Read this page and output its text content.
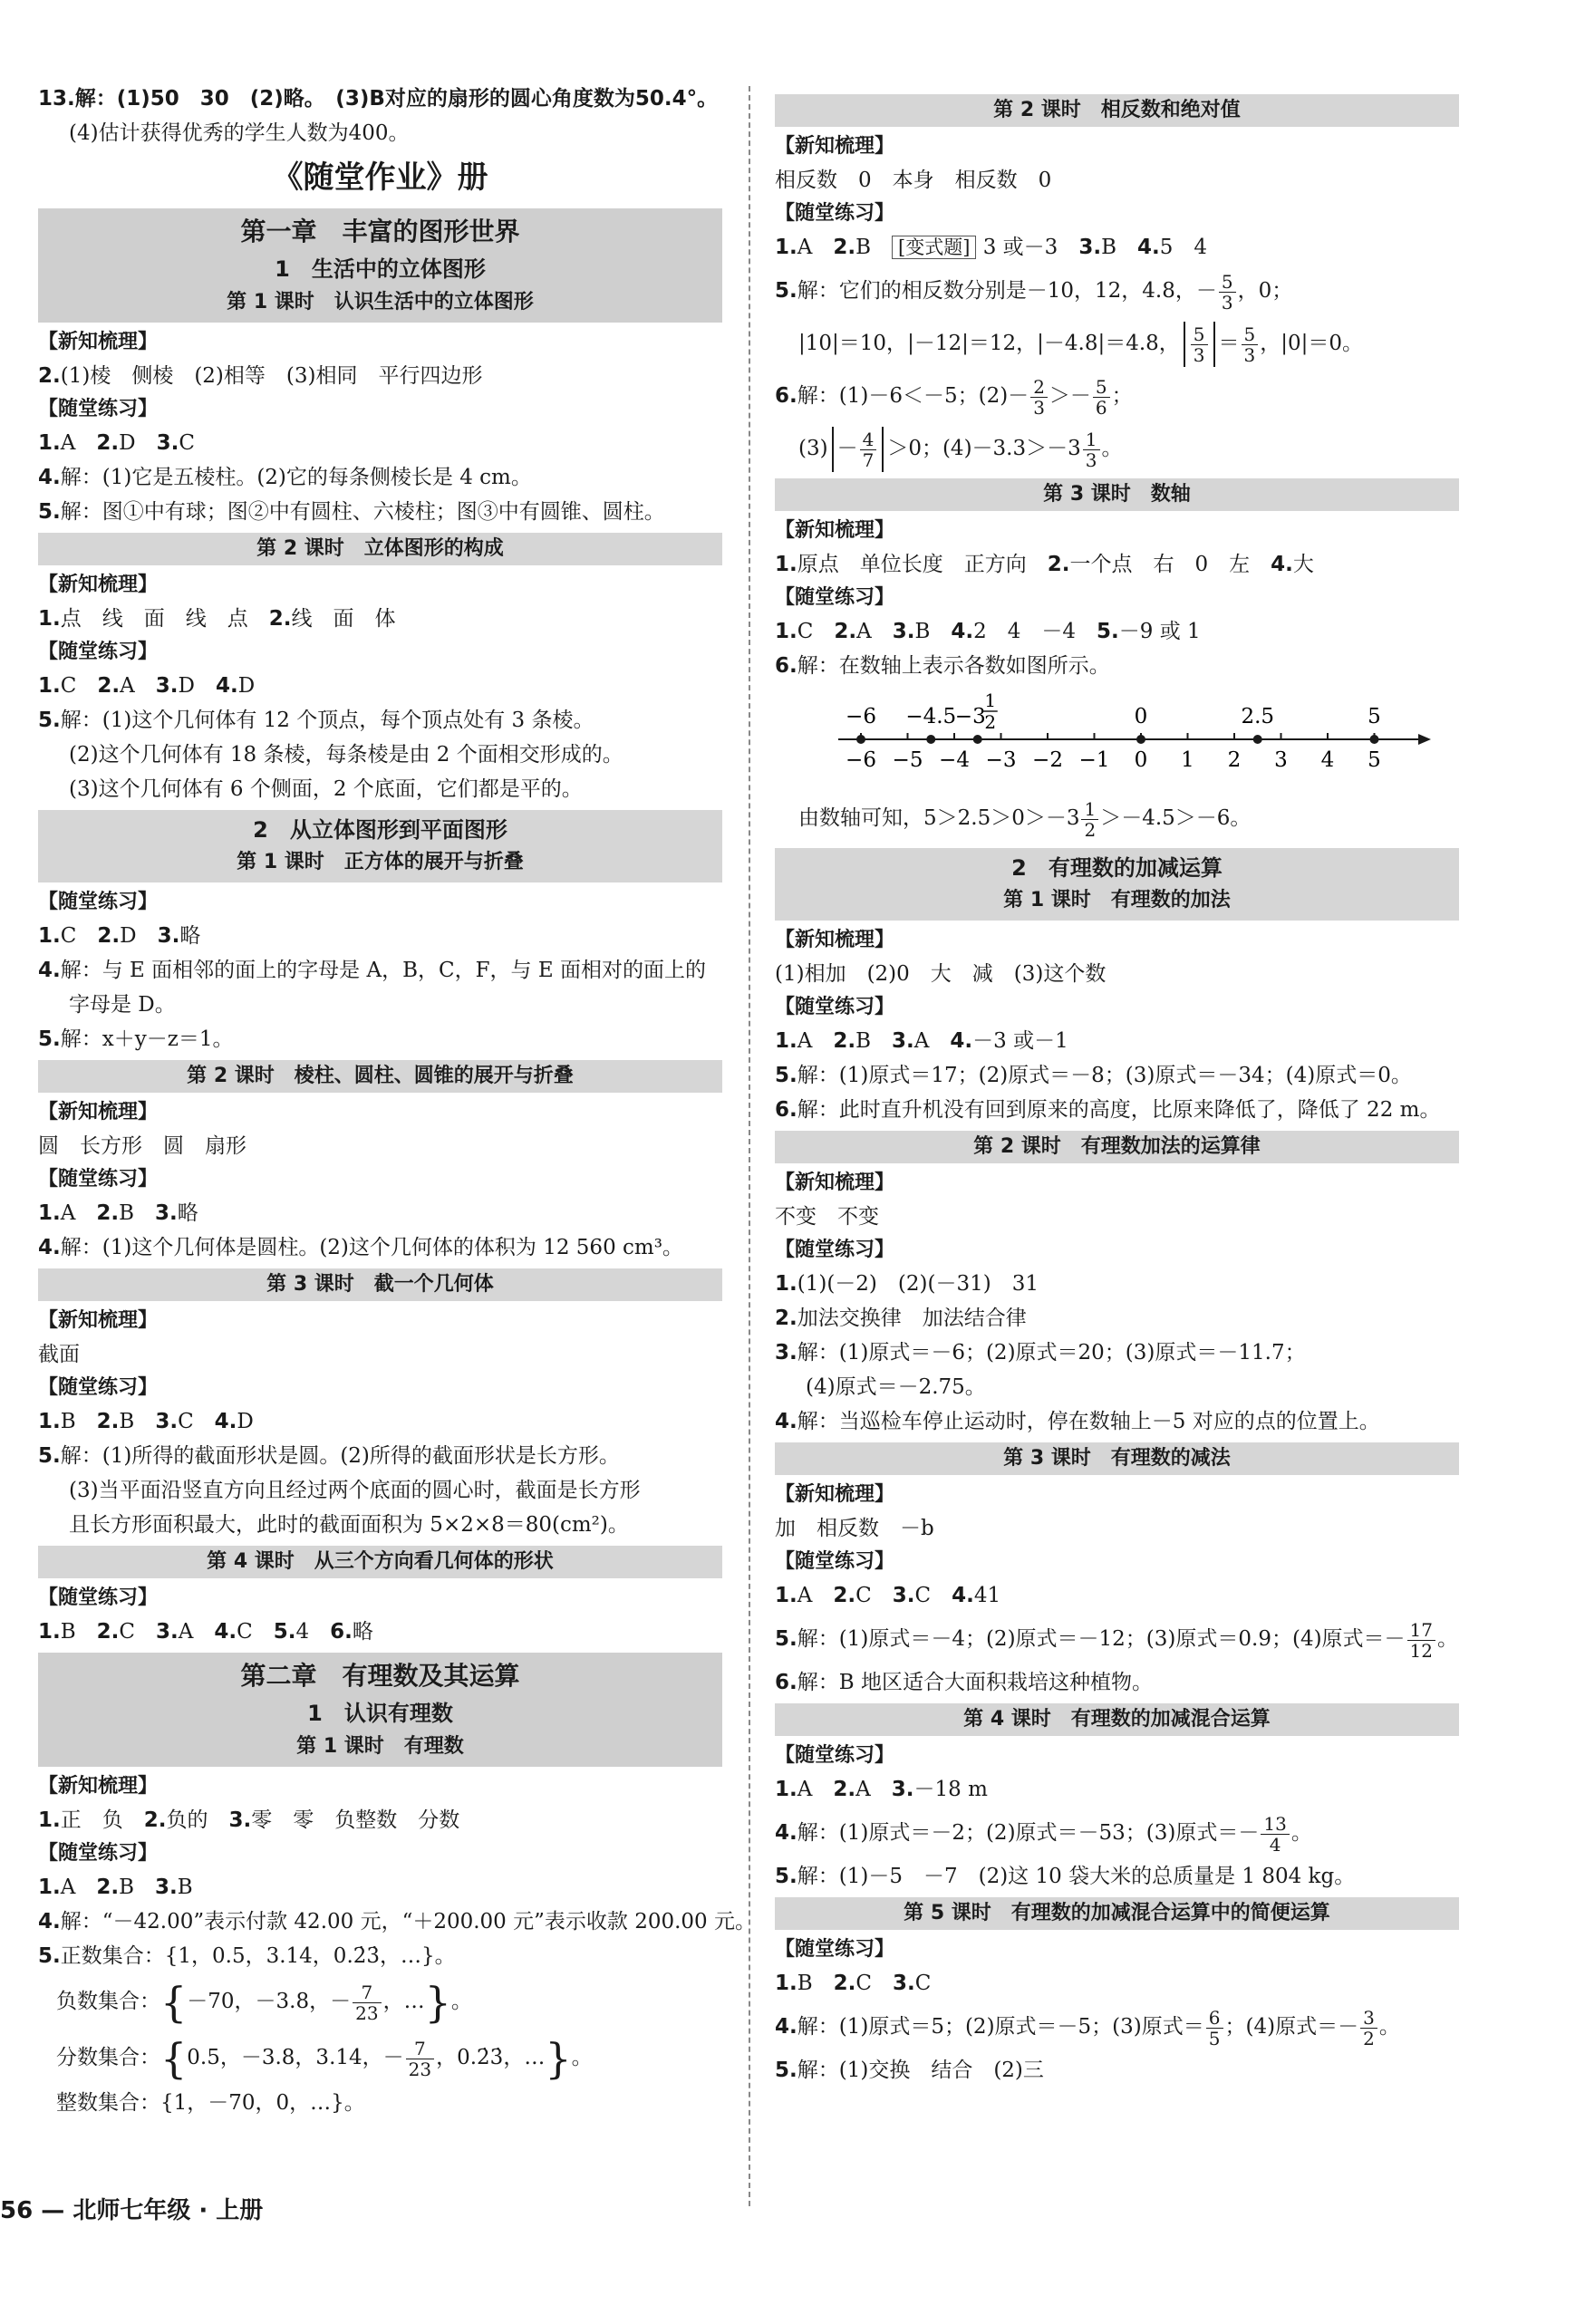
13.解：(1)50　30　(2)略。　(3)B对应的扇形的圆心角度数为50.4°。
(4)估计获得优秀的学生人数为400。
《随堂作业》册
第一章　丰富的图形世界
1　生活中的立体图形
第 1 课时　认识生活中的立体图形
【新知梳理】
2.(1)棱　侧棱　(2)相等　(3)相同　平行四边形
【随堂练习】
1.A　 2.D　 3.C
4.解：(1)它是五棱柱。(2)它的每条侧棱长是 4 cm。
5.解：图①中有球；图②中有圆柱、六棱柱；图③中有圆锥、圆柱。
第 2 课时　立体图形的构成
【新知梳理】
1.点　线　面　线　点　2.线　面　体
【随堂练习】
1.C　 2.A　 3.D　 4.D
5.解：(1)这个几何体有 12 个顶点，每个顶点处有 3 条棱。
(2)这个几何体有 18 条棱，每条棱是由 2 个面相交形成的。
(3)这个几何体有 6 个侧面，2 个底面，它们都是平的。
2　从立体图形到平面图形
第 1 课时　正方体的展开与折叠
【随堂练习】
1.C　 2.D　 3.略
4.解：与 E 面相邻的面上的字母是 A，B，C，F，与 E 面相对的面上的
字母是 D。
5.解：x＋y－z＝1。
第 2 课时　棱柱、圆柱、圆锥的展开与折叠
【新知梳理】
圆　长方形　圆　扇形
【随堂练习】
1.A　 2.B　 3.略
4.解：(1)这个几何体是圆柱。(2)这个几何体的体积为 12 560 cm³。
第 3 课时　截一个几何体
【新知梳理】
截面
【随堂练习】
1.B　 2.B　 3.C　 4.D
5.解：(1)所得的截面形状是圆。(2)所得的截面形状是长方形。
(3)当平面沿竖直方向且经过两个底面的圆心时，截面是长方形
且长方形面积最大，此时的截面面积为 5×2×8＝80(cm²)。
第 4 课时　从三个方向看几何体的形状
【随堂练习】
1.B　 2.C　 3.A　 4.C　 5.4　 6.略
第二章　有理数及其运算
1　认识有理数
第 1 课时　有理数
【新知梳理】
1.正　负　2.负的　3.零　零　负整数　分数
【随堂练习】
1.A　 2.B　 3.B
4.解：“－42.00”表示付款 42.00 元，“＋200.00 元”表示收款 200.00 元。
5.正数集合：{1，0.5，3.14，0.2̇3̇，…}。
负数集合：{－70，－3.8，－ $\frac{7}{23}$ ，…}。
分数集合：{0.5，－3.8，3.14，－ $\frac{7}{23}$ ，0.2̇3̇，…}。
整数集合：{1，－70，0，…}。
56 — 北师七年级 · 上册
第 2 课时　相反数和绝对值
【新知梳理】
相反数　0　本身　相反数　0
【随堂练习】
1.A　 2.B　 [变式题] 3 或－3　3.B　 4.5　4
5.解：它们的相反数分别是－10，12，4.8，－ $\frac{5}{3}$ ，0；
|10|＝10，|－12|＝12，|－4.8|＝4.8， $\frac{5}{3} = \frac{5}{3}$ ，|0|＝0。
6.解：(1)－6＜－5；$(2)- \frac{2}{3} >- \frac{5}{6}$ ；
$(3) - \frac{4}{7} >0$；$(4)-3.3>-3 \frac{1}{3}$ 。
第 3 课时　数轴
【新知梳理】
1.原点　单位长度　正方向　2.一个点　右　0　左　4.大
【随堂练习】
1.C　 2.A　 3.B　 4.2　4　－4　 5.－9 或 1
6.解：在数轴上表示各数如图所示。
−6 −4.5
−3	0	2.5	5
1
2
−6 −5 −4 −3 −2 −1 0 1 2 3 4 5
由数轴可知，$5>2.5>0>-3 \frac{1}{2} >-4.5>-6$。
2　有理数的加减运算
第 1 课时　有理数的加法
【新知梳理】
(1)相加　(2)0　大　减　(3)这个数
【随堂练习】
1.A　 2.B　 3.A　 4.－3 或－1
5.解：(1)原式＝17；(2)原式＝－8；(3)原式＝－34；(4)原式＝0。
6.解：此时直升机没有回到原来的高度，比原来降低了，降低了 22 m。
第 2 课时　有理数加法的运算律
【新知梳理】
不变　不变
【随堂练习】
1.(1)(－2)　(2)(－31)　31
2.加法交换律　加法结合律
3.解：(1)原式＝－6；(2)原式＝20；(3)原式＝－11.7；
(4)原式＝－2.75。
4.解：当巡检车停止运动时，停在数轴上－5 对应的点的位置上。
第 3 课时　有理数的减法
【新知梳理】
加　相反数　－b
【随堂练习】
1.A　 2.C　 3.C　 4.41
5.解：(1)原式＝－4；(2)原式＝－12；(3)原式＝0.9；(4)原式＝－ $\frac{17}{12}$ 。
6.解：B 地区适合大面积栽培这种植物。
第 4 课时　有理数的加减混合运算
【随堂练习】
1.A　 2.A　 3.－18 m
4.解：(1)原式＝－2；(2)原式＝－53；(3)原式＝－ $\frac{13}{4}$ 。
5.解：(1)－5　－7　(2)这 10 袋大米的总质量是 1 804 kg。
第 5 课时　有理数的加减混合运算中的简便运算
【随堂练习】
1.B　 2.C　 3.C
4.解：(1)原式＝5；(2)原式＝－5；(3)原式＝ $\frac{6}{5}$ ；(4)原式＝－ $\frac{3}{2}$ 。
5.解：(1)交换　结合　(2)三
